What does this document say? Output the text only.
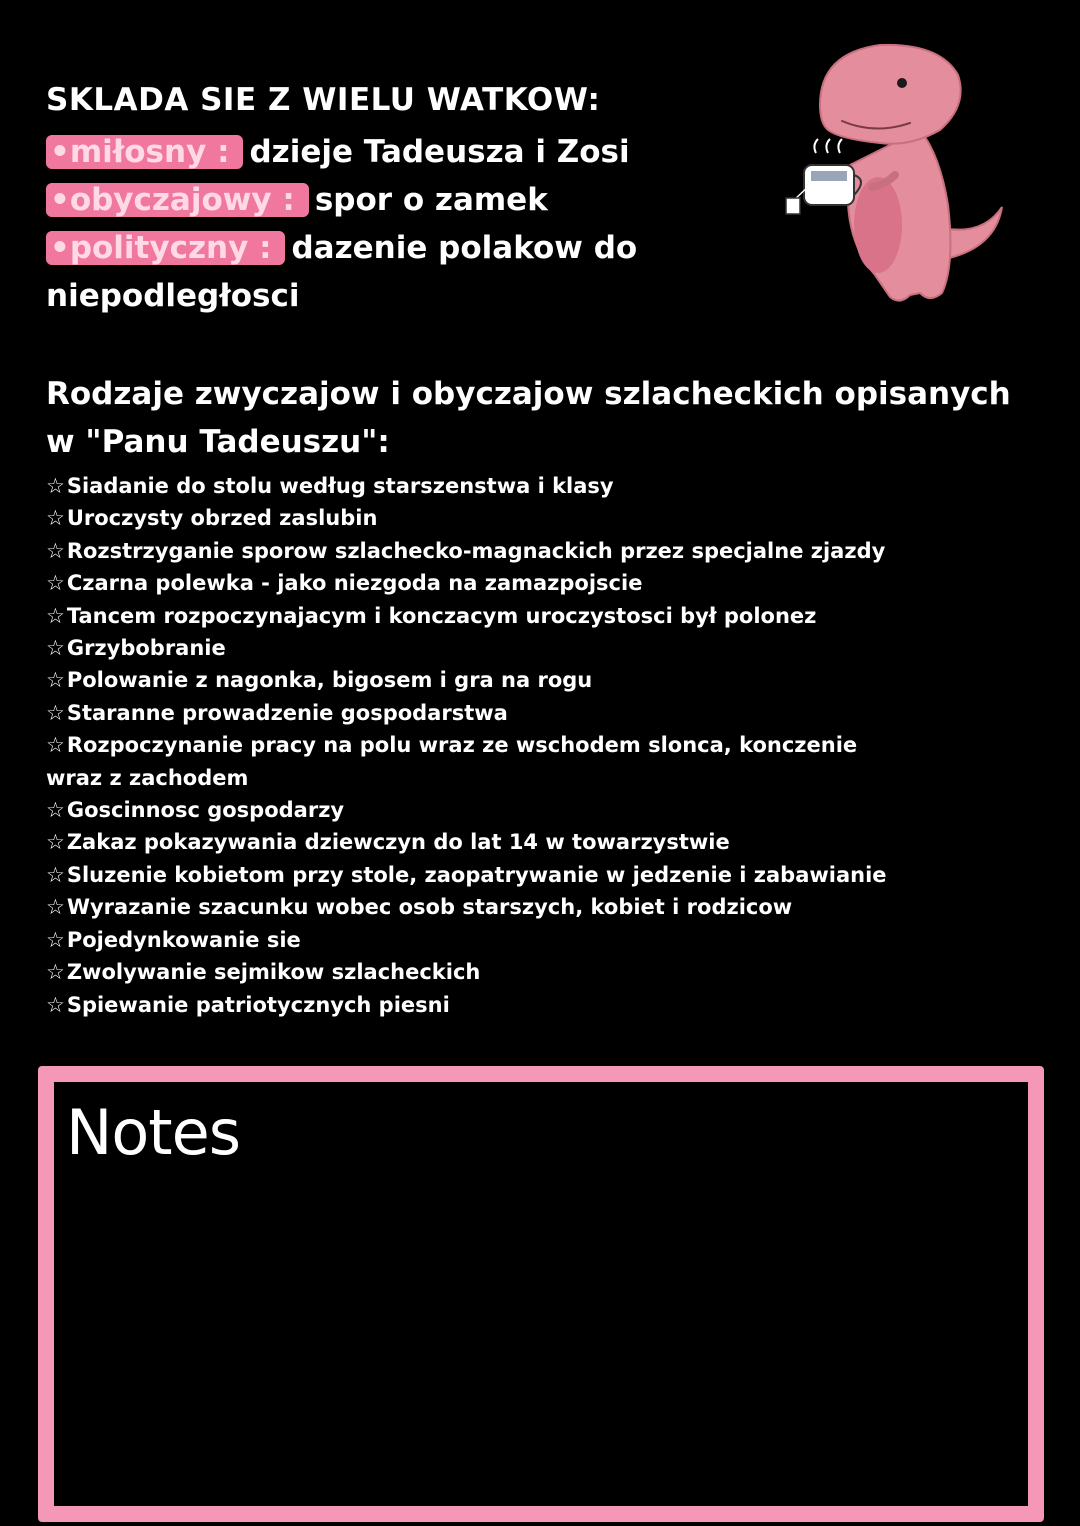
SKLADA SIE Z WIELU WATKOW:

•miłosny : dzieje Tadeusza i Zosi

•obyczajowy : spor o zamek

•polityczny : dazenie polakow do

niepodległosci

Rodzaje zwyczajow i obyczajow szlacheckich opisanych w "Panu Tadeuszu":

☆Siadanie do stolu według starszenstwa i klasy
☆Uroczysty obrzed zaslubin
☆Rozstrzyganie sporow szlachecko-magnackich przez specjalne zjazdy
☆Czarna polewka - jako niezgoda na zamazpojscie
☆Tancem rozpoczynajacym i konczacym uroczystosci był polonez
☆Grzybobranie
☆Polowanie z nagonka, bigosem i gra na rogu
☆Staranne prowadzenie gospodarstwa
☆Rozpoczynanie pracy na polu wraz ze wschodem slonca, konczenie wraz z zachodem
☆Goscinnosc gospodarzy
☆Zakaz pokazywania dziewczyn do lat 14 w towarzystwie
☆Sluzenie kobietom przy stole, zaopatrywanie w jedzenie i zabawianie
☆Wyrazanie szacunku wobec osob starszych, kobiet i rodzicow
☆Pojedynkowanie sie
☆Zwolywanie sejmikow szlacheckich
☆Spiewanie patriotycznych piesni
Notes
